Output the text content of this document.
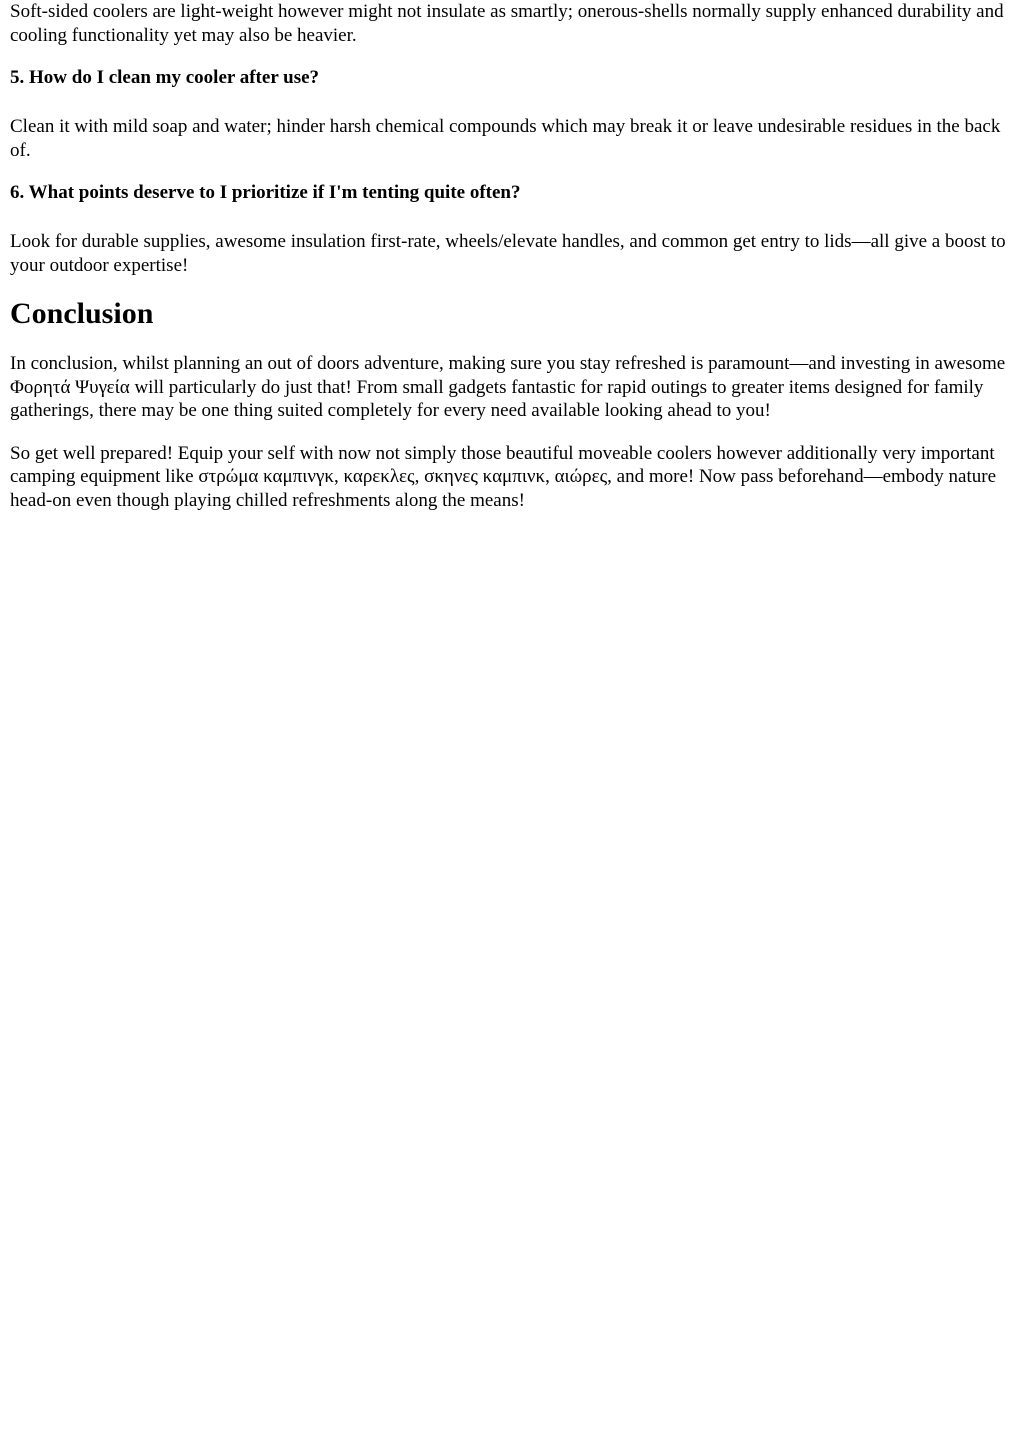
Soft-sided coolers are light-weight however might not insulate as smartly; onerous-shells normally supply enhanced durability and cooling functionality yet may also be heavier.

5. How do I clean my cooler after use?

Clean it with mild soap and water; hinder harsh chemical compounds which may break it or leave undesirable residues in the back of.

6. What points deserve to I prioritize if I'm tenting quite often?

Look for durable supplies, awesome insulation first-rate, wheels/elevate handles, and common get entry to lids—all give a boost to your outdoor expertise!

Conclusion

In conclusion, whilst planning an out of doors adventure, making sure you stay refreshed is paramount—and investing in awesome Φορητά Ψυγεία will particularly do just that! From small gadgets fantastic for rapid outings to greater items designed for family gatherings, there may be one thing suited completely for every need available looking ahead to you!

So get well prepared! Equip your self with now not simply those beautiful moveable coolers however additionally very important camping equipment like στρώμα καμπινγκ, καρεκλες, σκηνες καμπινκ, αιώρες, and more! Now pass beforehand—embody nature head-on even though playing chilled refreshments along the means!
